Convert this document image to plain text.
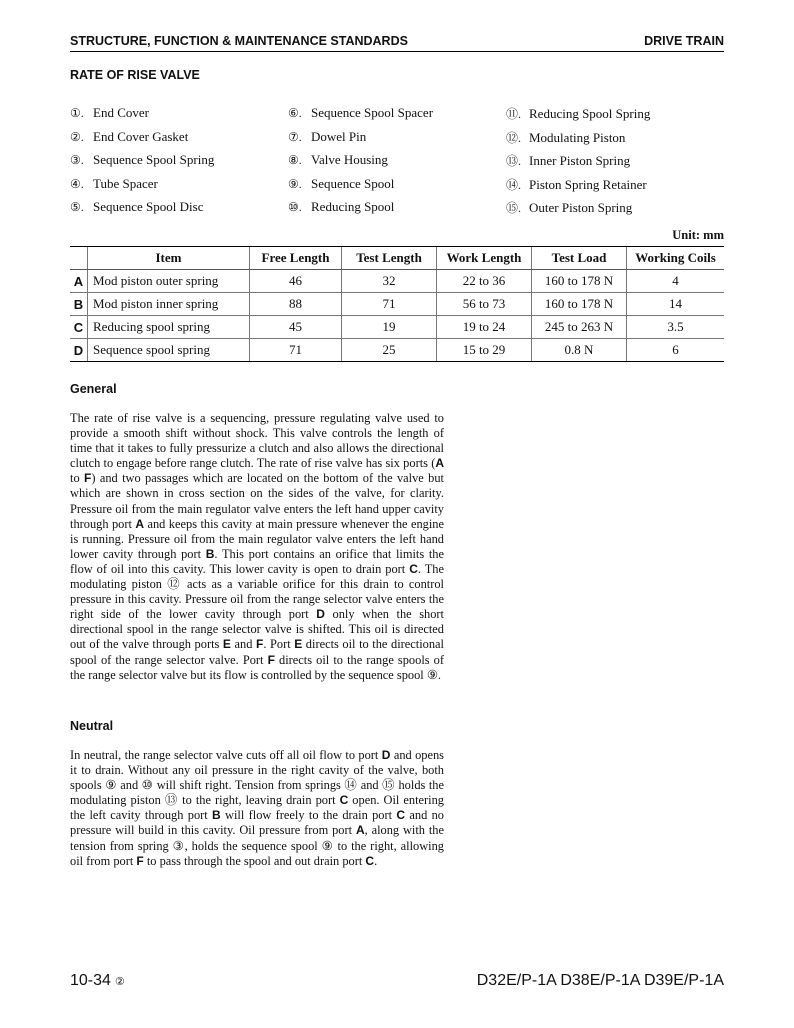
STRUCTURE, FUNCTION & MAINTENANCE STANDARDS	DRIVE TRAIN
RATE OF RISE VALVE
①. End Cover
②. End Cover Gasket
③. Sequence Spool Spring
④. Tube Spacer
⑤. Sequence Spool Disc
⑥. Sequence Spool Spacer
⑦. Dowel Pin
⑧. Valve Housing
⑨. Sequence Spool
⑩. Reducing Spool
⑪. Reducing Spool Spring
⑫. Modulating Piston
⑬. Inner Piston Spring
⑭. Piston Spring Retainer
⑮. Outer Piston Spring
Unit: mm
	Item	Free Length	Test Length	Work Length	Test Load	Working Coils
A	Mod piston outer spring	46	32	22 to 36	160 to 178 N	4
B	Mod piston inner spring	88	71	56 to 73	160 to 178 N	14
C	Reducing spool spring	45	19	19 to 24	245 to 263 N	3.5
D	Sequence spool spring	71	25	15 to 29	0.8 N	6
General
The rate of rise valve is a sequencing, pressure regulating valve used to provide a smooth shift without shock. This valve controls the length of time that it takes to fully pressurize a clutch and also allows the directional clutch to engage before range clutch. The rate of rise valve has six ports (A to F) and two passages which are located on the bottom of the valve but which are shown in cross section on the sides of the valve, for clarity. Pressure oil from the main regulator valve enters the left hand upper cavity through port A and keeps this cavity at main pressure whenever the engine is running. Pressure oil from the main regulator valve enters the left hand lower cavity through port B. This port contains an orifice that limits the flow of oil into this cavity. This lower cavity is open to drain port C. The modulating piston ⑫ acts as a variable orifice for this drain to control pressure in this cavity. Pressure oil from the range selector valve enters the right side of the lower cavity through port D only when the short directional spool in the range selector valve is shifted. This oil is directed out of the valve through ports E and F. Port E directs oil to the directional spool of the range selector valve. Port F directs oil to the range spools of the range selector valve but its flow is controlled by the sequence spool ⑨.
Neutral
In neutral, the range selector valve cuts off all oil flow to port D and opens it to drain. Without any oil pressure in the right cavity of the valve, both spools ⑨ and ⑩ will shift right. Tension from springs ⑭ and ⑮ holds the modulating piston ⑬ to the right, leaving drain port C open. Oil entering the left cavity through port B will flow freely to the drain port C and no pressure will build in this cavity. Oil pressure from port A, along with the tension from spring ③, holds the sequence spool ⑨ to the right, allowing oil from port F to pass through the spool and out drain port C.
10-34 ②	D32E/P-1A D38E/P-1A D39E/P-1A
